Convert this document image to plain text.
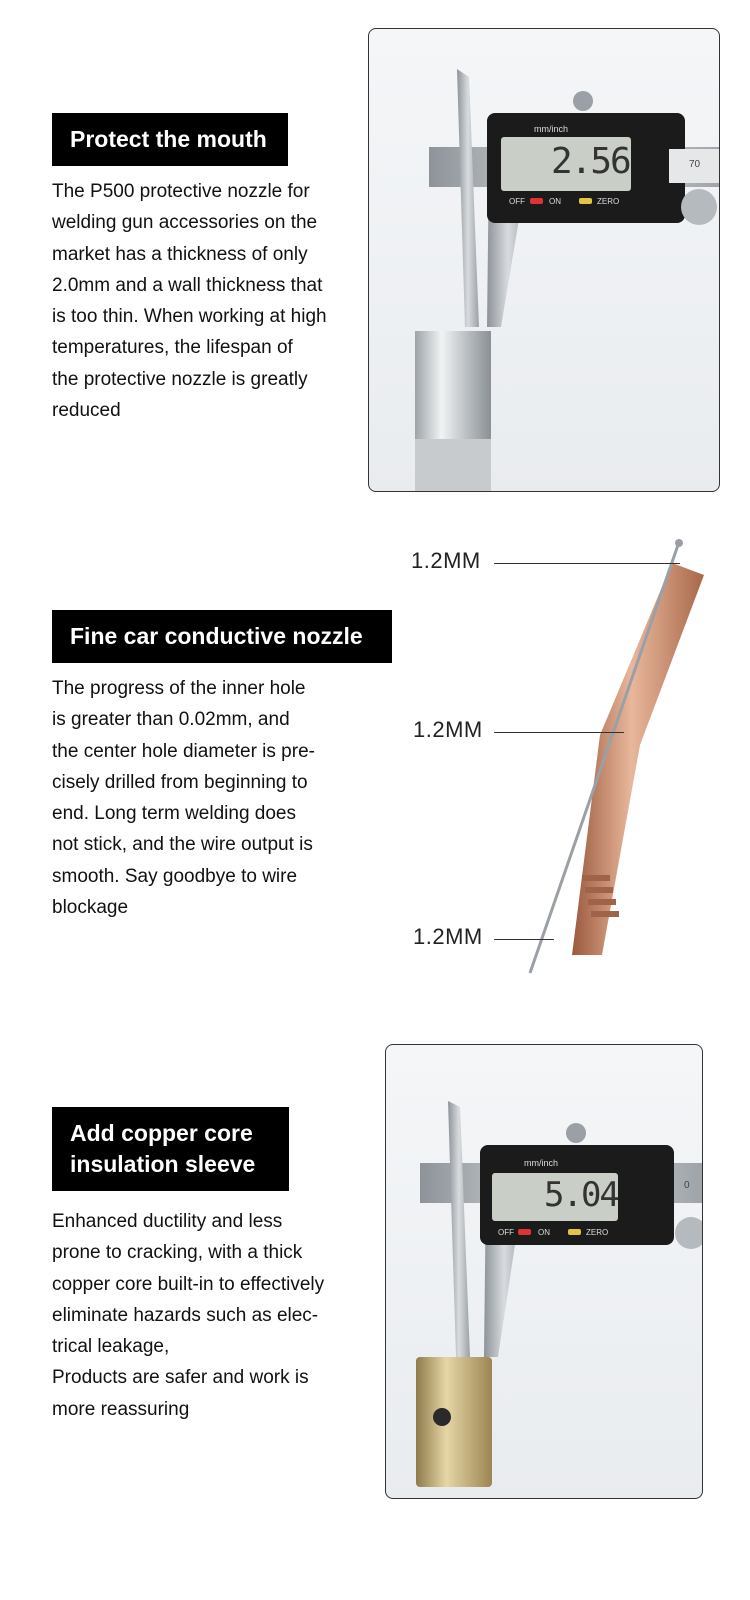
Protect the mouth
The P500 protective nozzle for
welding gun accessories on the
market has a thickness of only
2.0mm and a wall thickness that
is too thin. When working at high
temperatures, the lifespan of
the protective nozzle is greatly
reduced
mm/inch
2.56
OFF	ON	ZERO
70
Fine car conductive nozzle
The progress of the inner hole
is greater than 0.02mm, and
the center hole diameter is pre-
cisely drilled from beginning to
end. Long term welding does
not stick, and the wire output is
smooth. Say goodbye to wire
blockage
1.2MM
1.2MM
1.2MM
Add copper core
insulation sleeve
Enhanced ductility and less
prone to cracking, with a thick
copper core built-in to effectively
eliminate hazards such as elec-
trical leakage,
Products are safer and work is
more reassuring
mm/inch
5.04
OFF	ON	ZERO
0
